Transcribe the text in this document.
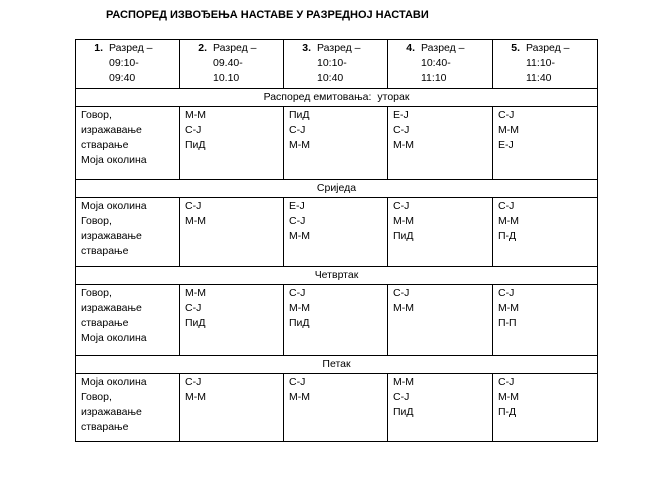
РАСПОРЕД ИЗВОЂЕЊА НАСТАВЕ У РАЗРЕДНОЈ НАСТАВИ
1. Разред –
09:10-
09:40	2. Разред –
09.40-
10.10	3. Разред –
10:10-
10:40	4. Разред –
10:40-
11:10	5. Разред –
11:10-
11:40

Распоред емитовања: уторак				
Говор,
изражавање
стварање
Моја околина	М-М
С-Ј
ПиД	ПиД
С-Ј
М-М	Е-Ј
С-Ј
М-М	С-Ј
М-М
Е-Ј
Сриједа				
Моја околина
Говор,
изражавање
стварање	С-Ј
М-М	Е-Ј
С-Ј
М-М	С-Ј
М-М
ПиД	С-Ј
М-М
П-Д
Четвртак				
Говор,
изражавање
стварање
Моја околина	М-М
С-Ј
ПиД	С-Ј
М-М
ПиД	С-Ј
М-М	С-Ј
М-М
П-П
Петак				
Моја околина
Говор,
изражавање
стварање	С-Ј
М-М	С-Ј
М-М	М-М
С-Ј
ПиД	С-Ј
М-М
П-Д
